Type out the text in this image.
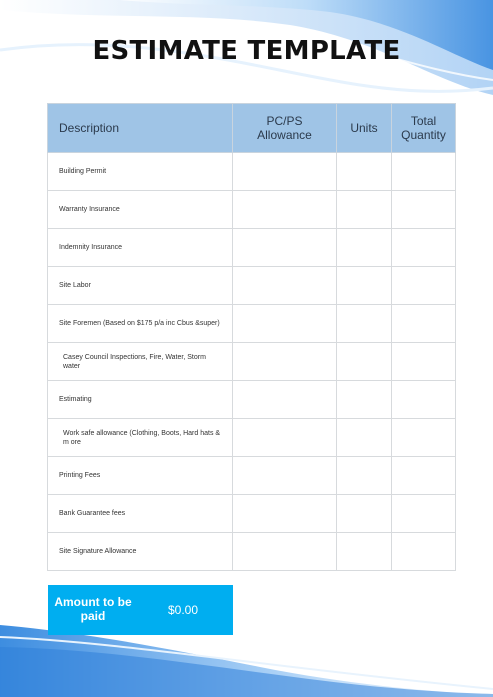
ESTIMATE TEMPLATE
Description	PC/PS Allowance	Units	Total Quantity
Building Permit			
Warranty Insurance			
Indemnity Insurance			
Site Labor			
Site Foremen (Based on $175 p/a inc Cbus &super)			
Casey Council Inspections, Fire, Water, Storm water			
Estimating			
Work safe allowance (Clothing, Boots, Hard hats & m ore			
Printing Fees			
Bank Guarantee fees			
Site Signature Allowance			
Amount to be paid	$0.00
